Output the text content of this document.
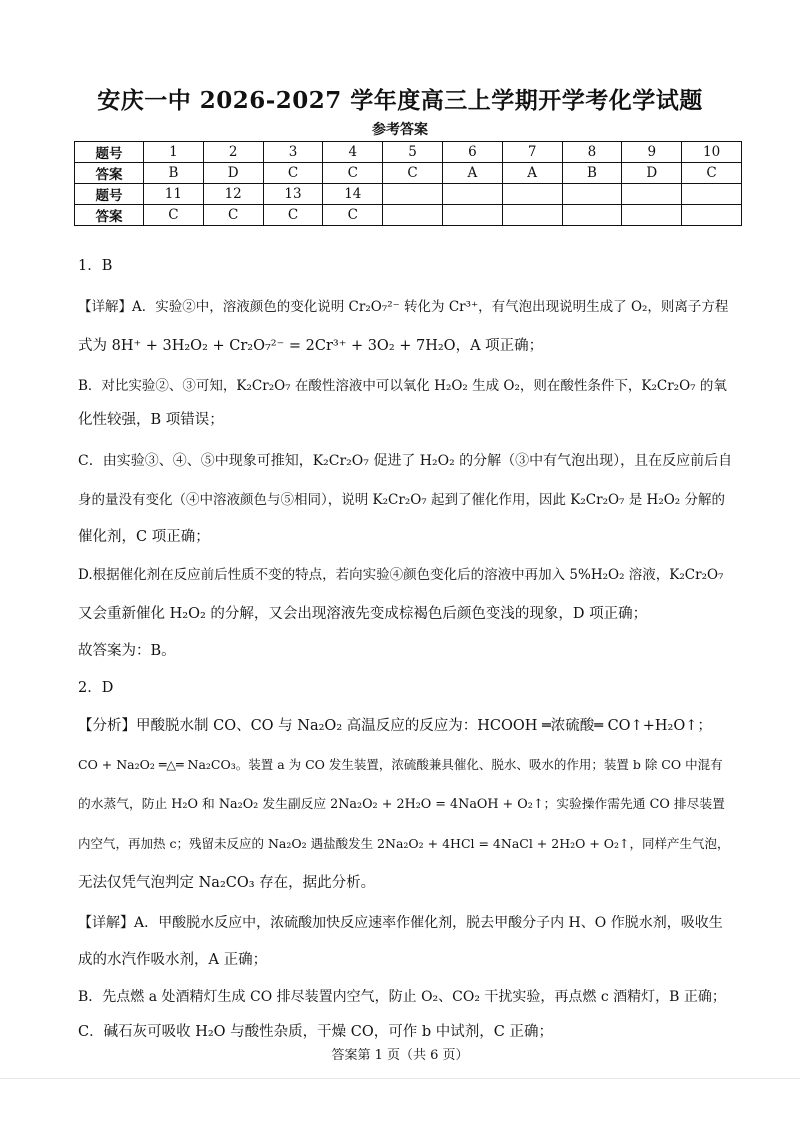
安庆一中 2026-2027 学年度高三上学期开学考化学试题
参考答案
题号	1	2	3	4	5	6	7	8	9	10
答案	B	D	C	C	C	A	A	B	D	C
题号	11	12	13	14						
答案	C	C	C	C						
1．B
【详解】A．实验②中，溶液颜色的变化说明 Cr₂O₇²⁻ 转化为 Cr³⁺，有气泡出现说明生成了 O₂，则离子方程
式为 8H⁺ + 3H₂O₂ + Cr₂O₇²⁻ = 2Cr³⁺ + 3O₂ + 7H₂O，A 项正确；
B．对比实验②、③可知，K₂Cr₂O₇ 在酸性溶液中可以氧化 H₂O₂ 生成 O₂，则在酸性条件下，K₂Cr₂O₇ 的氧
化性较强，B 项错误；
C．由实验③、④、⑤中现象可推知，K₂Cr₂O₇ 促进了 H₂O₂ 的分解（③中有气泡出现），且在反应前后自
身的量没有变化（④中溶液颜色与⑤相同），说明 K₂Cr₂O₇ 起到了催化作用，因此 K₂Cr₂O₇ 是 H₂O₂ 分解的
催化剂，C 项正确；
D.根据催化剂在反应前后性质不变的特点，若向实验④颜色变化后的溶液中再加入 5%H₂O₂ 溶液，K₂Cr₂O₇
又会重新催化 H₂O₂ 的分解，又会出现溶液先变成棕褐色后颜色变浅的现象，D 项正确；
故答案为：B。
2．D
【分析】甲酸脱水制 CO、CO 与 Na₂O₂ 高温反应的反应为：HCOOH ═浓硫酸═ CO↑+H₂O↑；
CO + Na₂O₂ ═△═ Na₂CO₃。装置 a 为 CO 发生装置，浓硫酸兼具催化、脱水、吸水的作用；装置 b 除 CO 中混有
的水蒸气，防止 H₂O 和 Na₂O₂ 发生副反应 2Na₂O₂ + 2H₂O = 4NaOH + O₂↑；实验操作需先通 CO 排尽装置
内空气，再加热 c；残留未反应的 Na₂O₂ 遇盐酸发生 2Na₂O₂ + 4HCl = 4NaCl + 2H₂O + O₂↑，同样产生气泡，
无法仅凭气泡判定 Na₂CO₃ 存在，据此分析。
【详解】A．甲酸脱水反应中，浓硫酸加快反应速率作催化剂，脱去甲酸分子内 H、O 作脱水剂，吸收生
成的水汽作吸水剂，A 正确；
B．先点燃 a 处酒精灯生成 CO 排尽装置内空气，防止 O₂、CO₂ 干扰实验，再点燃 c 酒精灯，B 正确；
C．碱石灰可吸收 H₂O 与酸性杂质，干燥 CO，可作 b 中试剂，C 正确；
答案第 1 页（共 6 页）
